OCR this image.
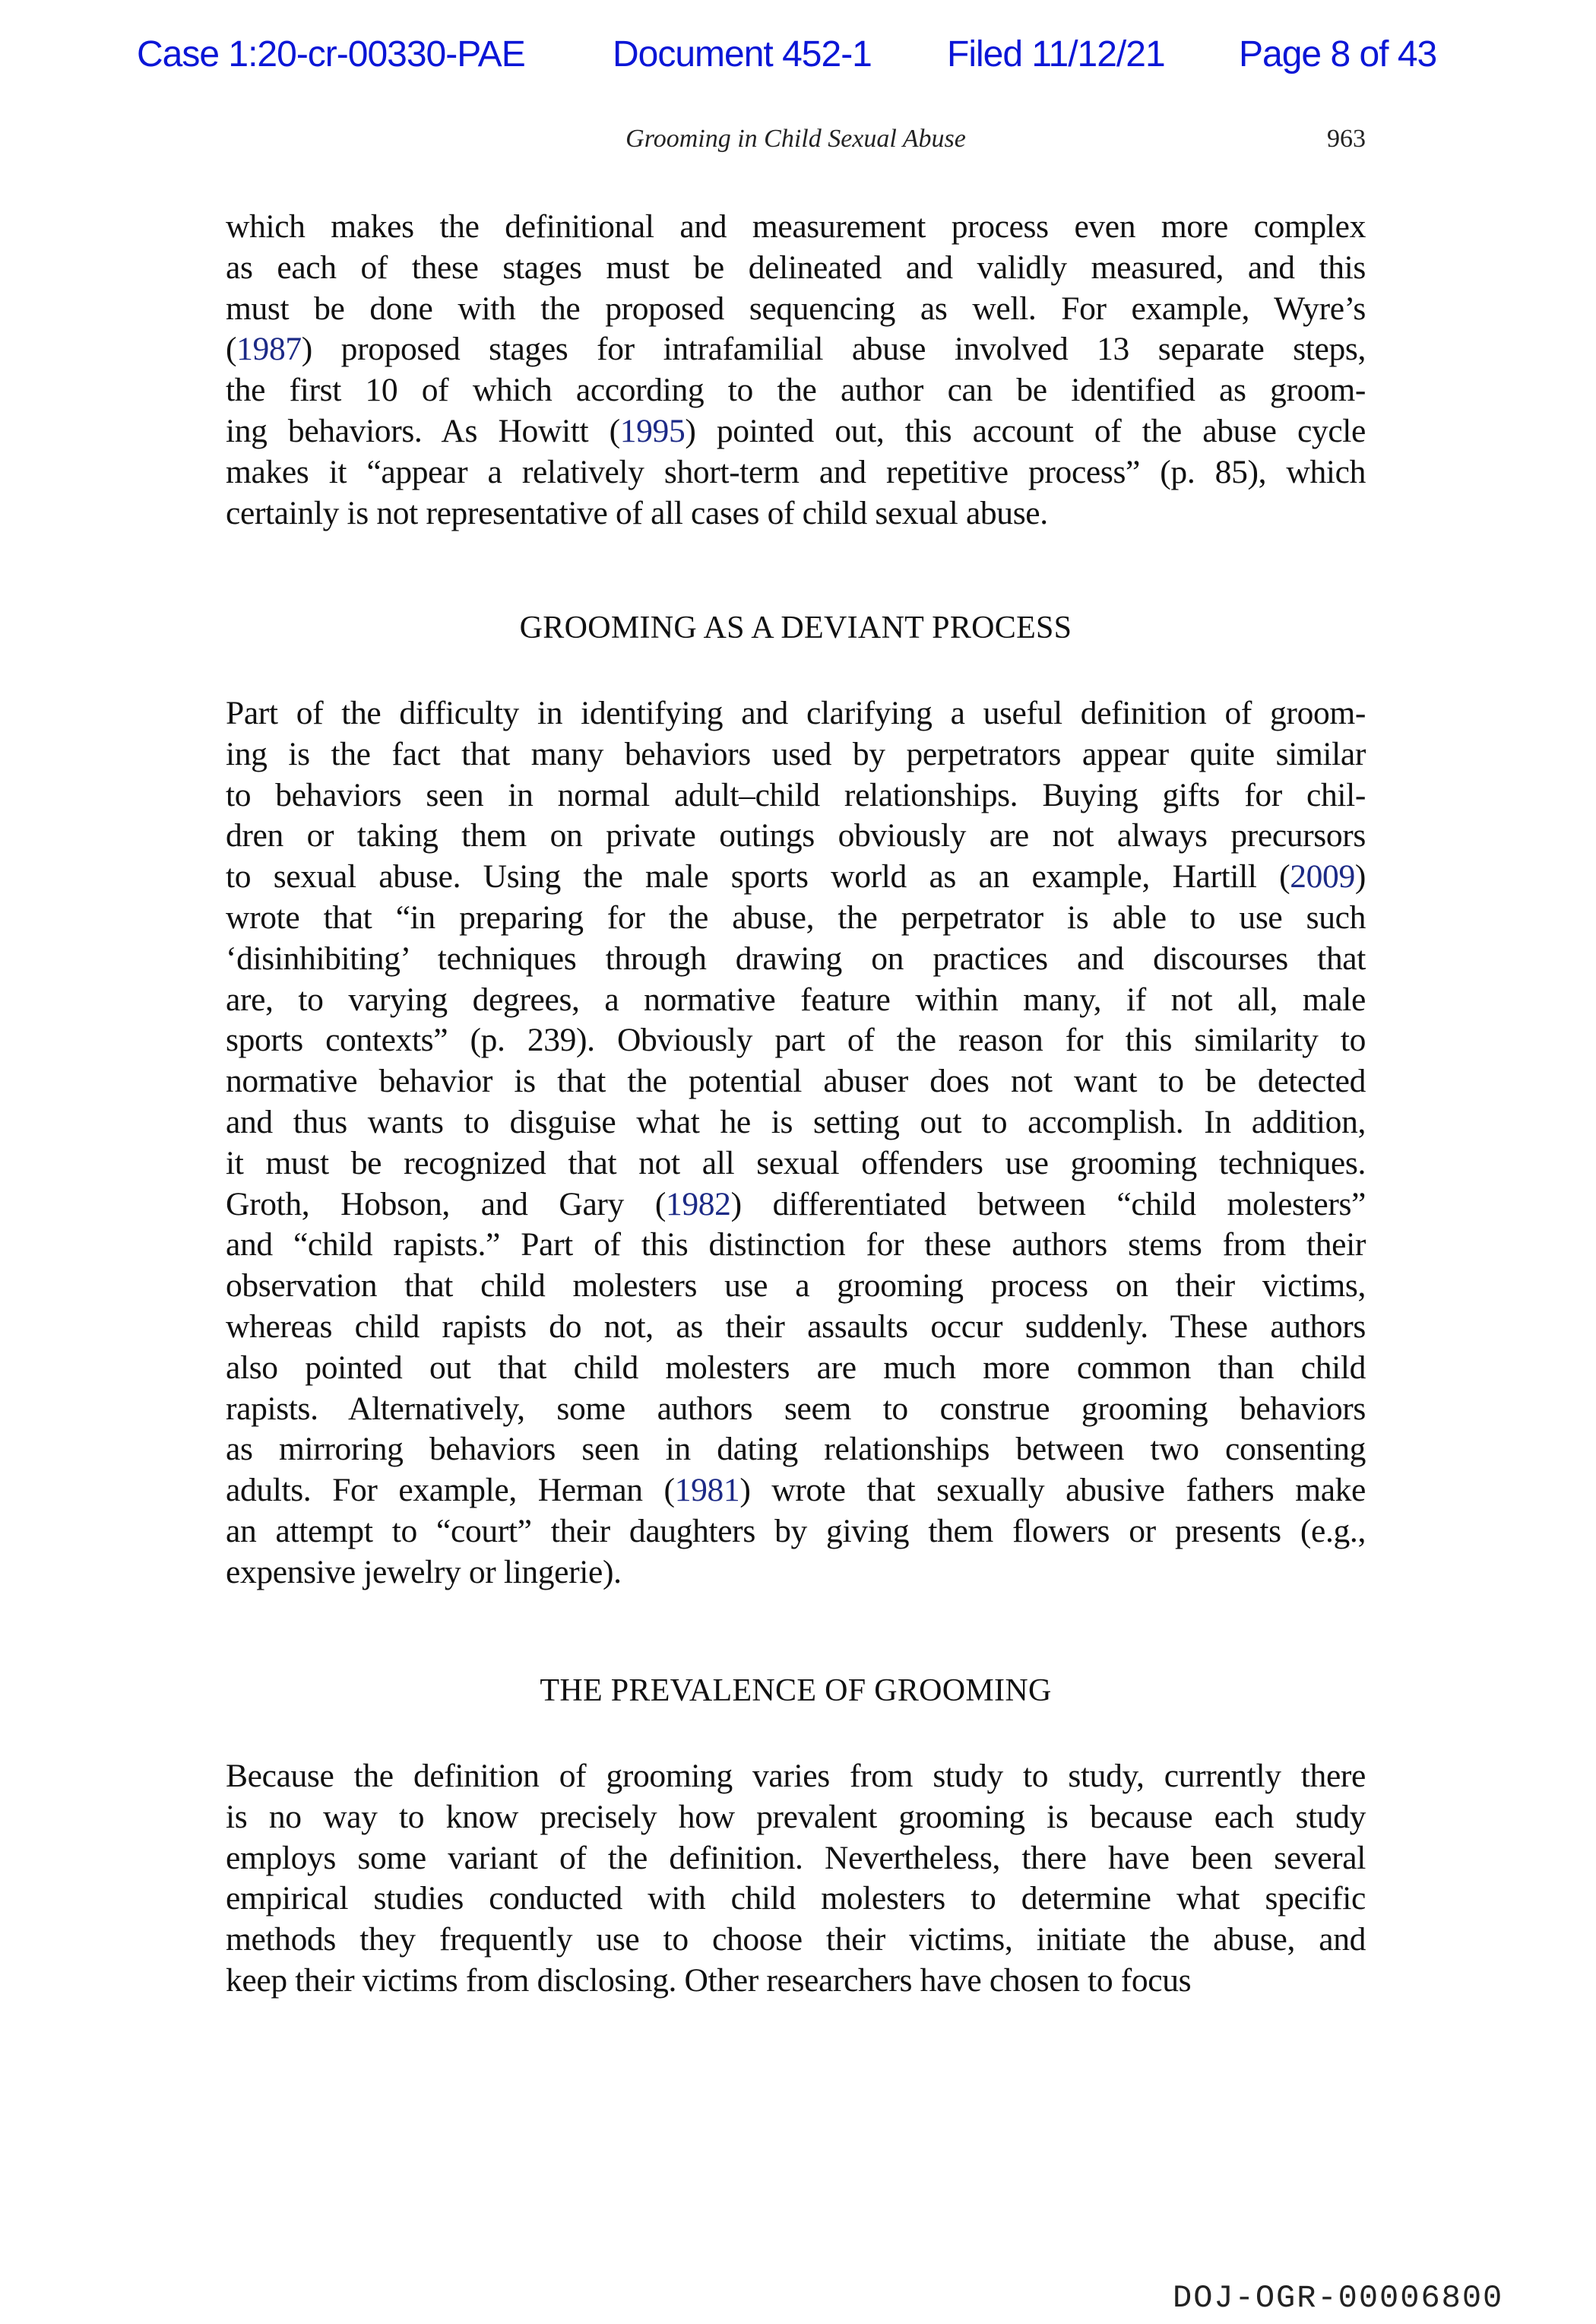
Case 1:20-cr-00330-PAE Document 452-1 Filed 11/12/21 Page 8 of 43
Grooming in Child Sexual Abuse	963
which makes the definitional and measurement process even more complex
as each of these stages must be delineated and validly measured, and this
must be done with the proposed sequencing as well. For example, Wyre’s
(1987) proposed stages for intrafamilial abuse involved 13 separate steps,
the first 10 of which according to the author can be identified as groom-
ing behaviors. As Howitt (1995) pointed out, this account of the abuse cycle
makes it “appear a relatively short-term and repetitive process” (p. 85), which
certainly is not representative of all cases of child sexual abuse.
GROOMING AS A DEVIANT PROCESS
Part of the difficulty in identifying and clarifying a useful definition of groom-
ing is the fact that many behaviors used by perpetrators appear quite similar
to behaviors seen in normal adult–child relationships. Buying gifts for chil-
dren or taking them on private outings obviously are not always precursors
to sexual abuse. Using the male sports world as an example, Hartill (2009)
wrote that “in preparing for the abuse, the perpetrator is able to use such
‘disinhibiting’ techniques through drawing on practices and discourses that
are, to varying degrees, a normative feature within many, if not all, male
sports contexts” (p. 239). Obviously part of the reason for this similarity to
normative behavior is that the potential abuser does not want to be detected
and thus wants to disguise what he is setting out to accomplish. In addition,
it must be recognized that not all sexual offenders use grooming techniques.
Groth, Hobson, and Gary (1982) differentiated between “child molesters”
and “child rapists.” Part of this distinction for these authors stems from their
observation that child molesters use a grooming process on their victims,
whereas child rapists do not, as their assaults occur suddenly. These authors
also pointed out that child molesters are much more common than child
rapists. Alternatively, some authors seem to construe grooming behaviors
as mirroring behaviors seen in dating relationships between two consenting
adults. For example, Herman (1981) wrote that sexually abusive fathers make
an attempt to “court” their daughters by giving them flowers or presents (e.g.,
expensive jewelry or lingerie).
THE PREVALENCE OF GROOMING
Because the definition of grooming varies from study to study, currently there
is no way to know precisely how prevalent grooming is because each study
employs some variant of the definition. Nevertheless, there have been several
empirical studies conducted with child molesters to determine what specific
methods they frequently use to choose their victims, initiate the abuse, and
keep their victims from disclosing. Other researchers have chosen to focus
DOJ-OGR-00006800
